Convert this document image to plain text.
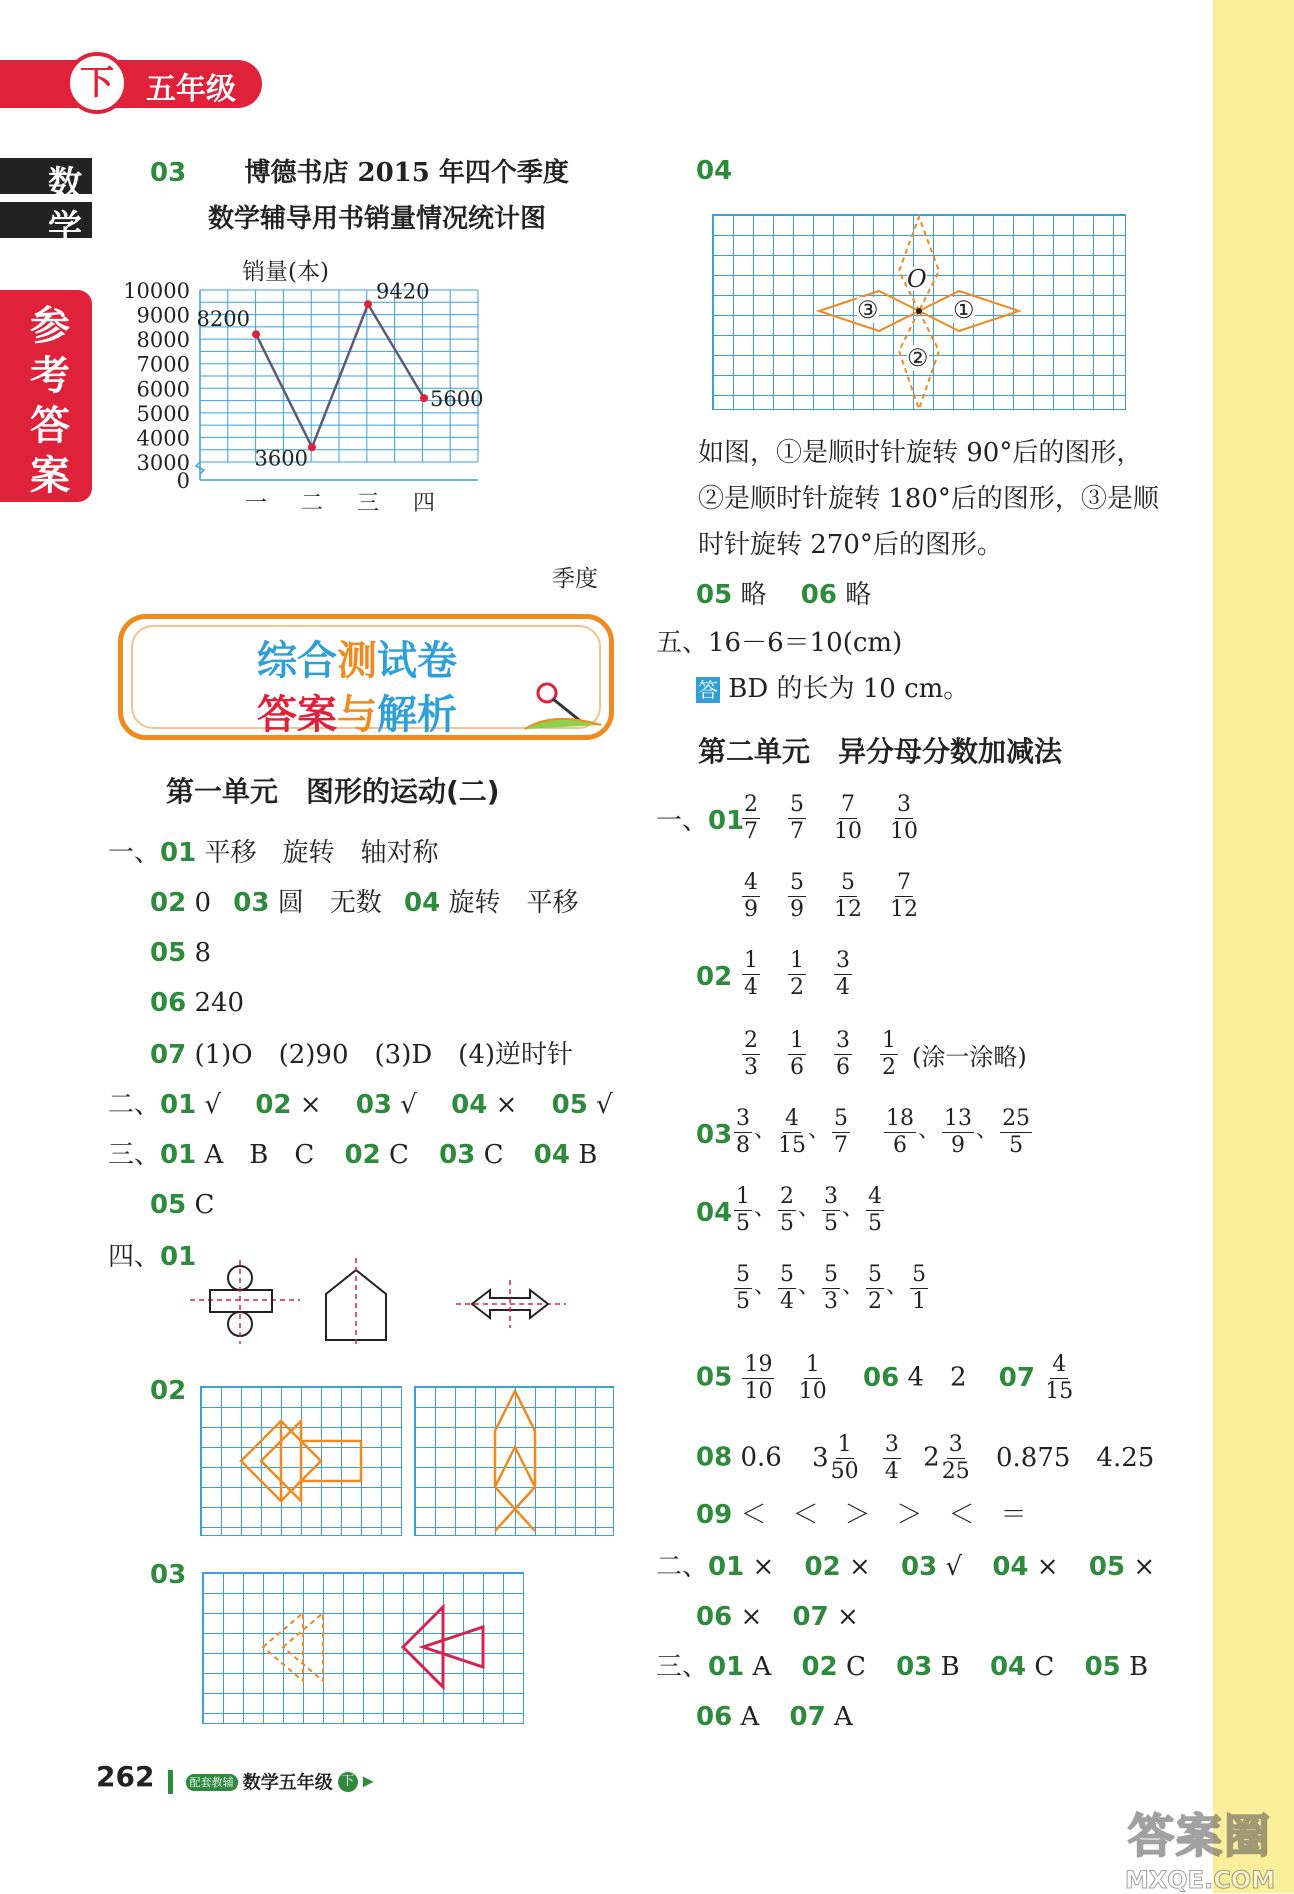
下	五年级
数
学
参
考
答
案
03 博德书店 2015 年四个季度
数学辅导用书销量情况统计图
0
3000
4000
5000
6000
7000
8000
9000
10000
一 二 三 四
8200
3600
9420
5600
销量(本)
季度
综合测试卷
答案与解析
第一单元　图形的运动(二)
一、01 平移　旋转　轴对称
02 0 03 圆　无数 04 旋转　平移
05 8
06 240
07 (1)O　(2)90　(3)D　(4)逆时针
二、01 √ 02 × 03 √ 04 × 05 √
三、01 A　B　C 02 C 03 C 04 B
05 C
四、01
02
03
04
O
①
②
③
如图，①是顺时针旋转 90°后的图形，
②是顺时针旋转 180°后的图形，③是顺
时针旋转 270°后的图形。
05 略 06 略
五、16－6＝10(cm)
答 BD 的长为 10 cm。
第二单元　异分母分数加减法
一、01
$\frac{2}{7} \frac{5}{7} \frac{7}{10} \frac{3}{10}$
$\frac{4}{9} \frac{5}{9} \frac{5}{12} \frac{7}{12}$
$02 \frac{1}{4} \frac{1}{2} \frac{3}{4}$
$\frac{2}{3} \frac{1}{6} \frac{3}{6} \frac{1}{2}$ (涂一涂略)
$03 \frac{3}{8}$ 、 $\frac{4}{15}$ 、 $\frac{5}{7} \frac{18}{6}$ 、 $\frac{13}{9}$ 、 $\frac{25}{5}$
$04 \frac{1}{5}$ 、 $\frac{2}{5}$ 、 $\frac{3}{5}$ 、 $\frac{4}{5}$
$\frac{5}{5}$ 、 $\frac{5}{4}$ 、 $\frac{5}{3}$ 、 $\frac{5}{2}$ 、 $\frac{5}{1}$
$05 \frac{19}{10}$
$\frac{1}{10} 06$ 4　2 $07 \frac{4}{15}$
08 0.6 $3 \frac{1}{50}$
$\frac{3}{4} 2 \frac{3}{25} 0.875$　4.25
09 ＜　＜　＞　＞　＜　＝
二、01 × 02 × 03 √ 04 × 05 ×
06 × 07 ×
三、01 A 02 C 03 B 04 C 05 B
06 A 07 A
262	配套教辅 数学五年级 下 ▶
答案圈
MXQE.COM
